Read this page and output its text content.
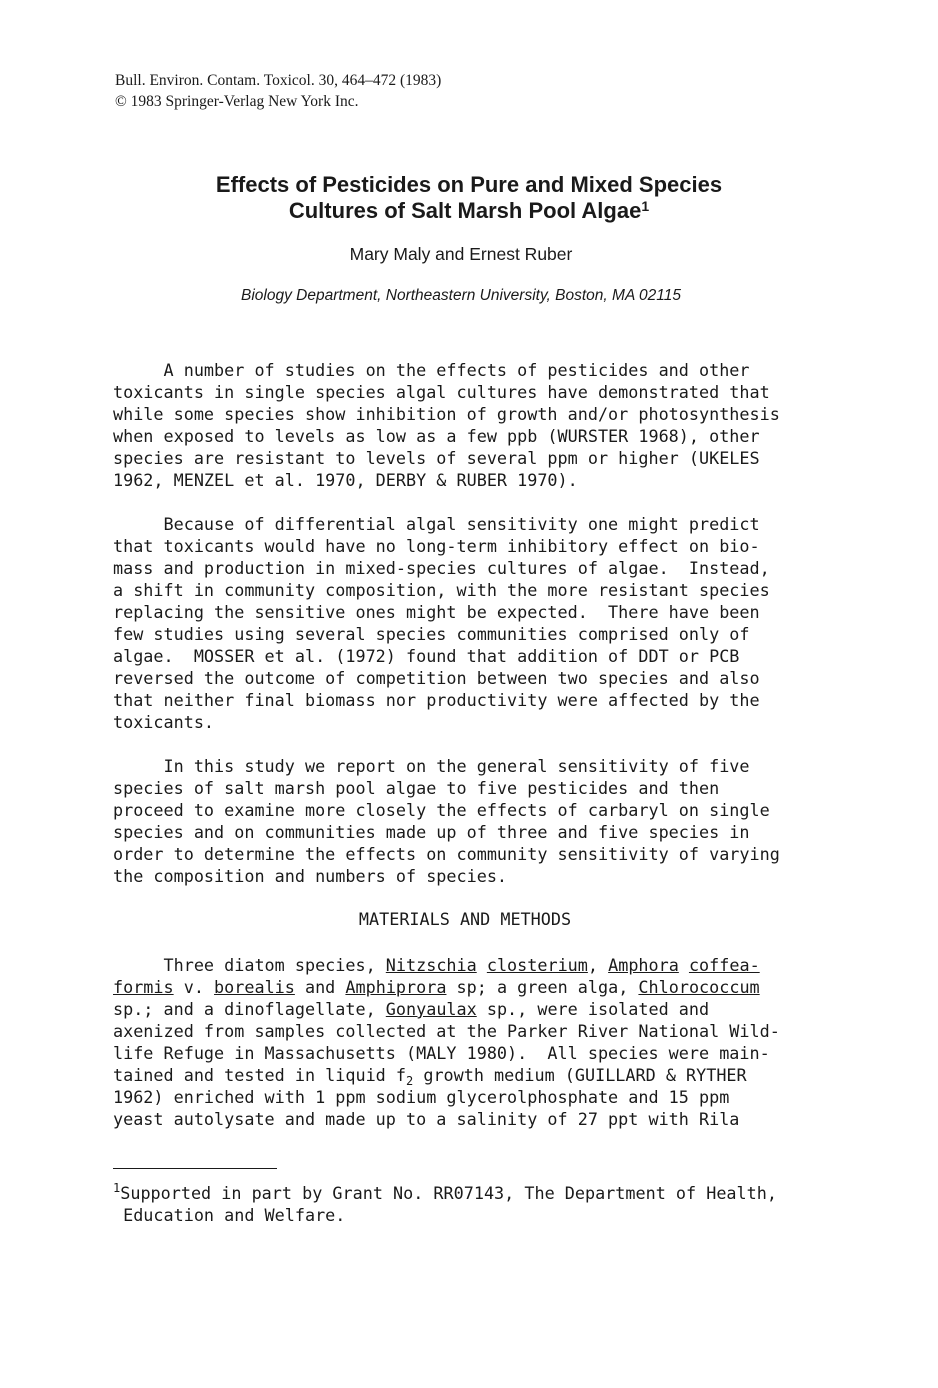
Bull. Environ. Contam. Toxicol. 30, 464–472 (1983)
© 1983 Springer-Verlag New York Inc.
Effects of Pesticides on Pure and Mixed Species
Cultures of Salt Marsh Pool Algae$^1$
Mary Maly and Ernest Ruber
Biology Department, Northeastern University, Boston, MA 02115
A number of studies on the effects of pesticides and other
toxicants in single species algal cultures have demonstrated that
while some species show inhibition of growth and/or photosynthesis
when exposed to levels as low as a few ppb (WURSTER 1968), other
species are resistant to levels of several ppm or higher (UKELES
1962, MENZEL et al. 1970, DERBY & RUBER 1970).
Because of differential algal sensitivity one might predict
that toxicants would have no long-term inhibitory effect on bio-
mass and production in mixed-species cultures of algae.  Instead,
a shift in community composition, with the more resistant species
replacing the sensitive ones might be expected.  There have been
few studies using several species communities comprised only of
algae.  MOSSER et al. (1972) found that addition of DDT or PCB
reversed the outcome of competition between two species and also
that neither final biomass nor productivity were affected by the
toxicants.
In this study we report on the general sensitivity of five
species of salt marsh pool algae to five pesticides and then
proceed to examine more closely the effects of carbaryl on single
species and on communities made up of three and five species in
order to determine the effects on community sensitivity of varying
the composition and numbers of species.
MATERIALS AND METHODS
Three diatom species, Nitzschia closterium, Amphora coffea-
formis v. borealis and Amphiprora sp; a green alga, Chlorococcum
sp.; and a dinoflagellate, Gonyaulax sp., were isolated and
axenized from samples collected at the Parker River National Wild-
life Refuge in Massachusetts (MALY 1980).  All species were main-
tained and tested in liquid $f_2$ growth medium (GUILLARD & RYTHER
1962) enriched with 1 ppm sodium glycerolphosphate and 15 ppm
yeast autolysate and made up to a salinity of 27 ppt with Rila
$^1$Supported in part by Grant No. RR07143, The Department of Health,
Education and Welfare.
